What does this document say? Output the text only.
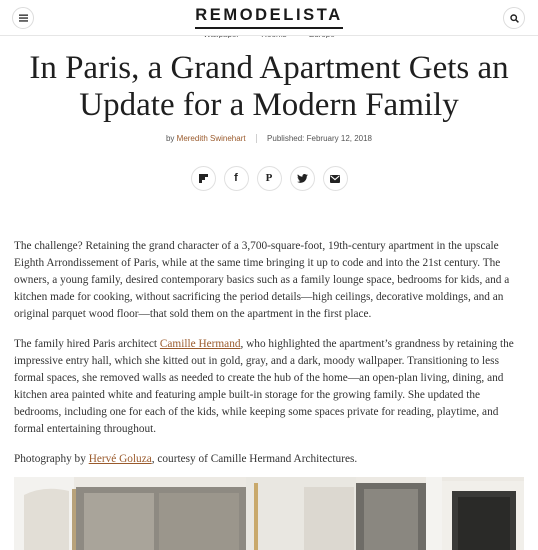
REMODELISTA
In Paris, a Grand Apartment Gets an Update for a Modern Family
by Meredith Swinehart	Published: February 12, 2018
f	P

The challenge? Retaining the grand character of a 3,700-square-foot, 19th-century apartment in the upscale Eighth Arrondissement of Paris, while at the same time bringing it up to code and into the 21st century. The owners, a young family, desired contemporary basics such as a family lounge space, bedrooms for kids, and a kitchen made for cooking, without sacrificing the period details—high ceilings, decorative moldings, and an original parquet wood floor—that sold them on the apartment in the first place.

The family hired Paris architect Camille Hermand, who highlighted the apartment’s grandness by retaining the impressive entry hall, which she kitted out in gold, gray, and a dark, moody wallpaper. Transitioning to less formal spaces, she removed walls as needed to create the hub of the home—an open-plan living, dining, and kitchen area painted white and featuring ample built-in storage for the growing family. She updated the bedrooms, including one for each of the kids, while keeping some spaces private for reading, playtime, and formal entertaining throughout.

Photography by Hervé Goluza, courtesy of Camille Hermand Architectures.
